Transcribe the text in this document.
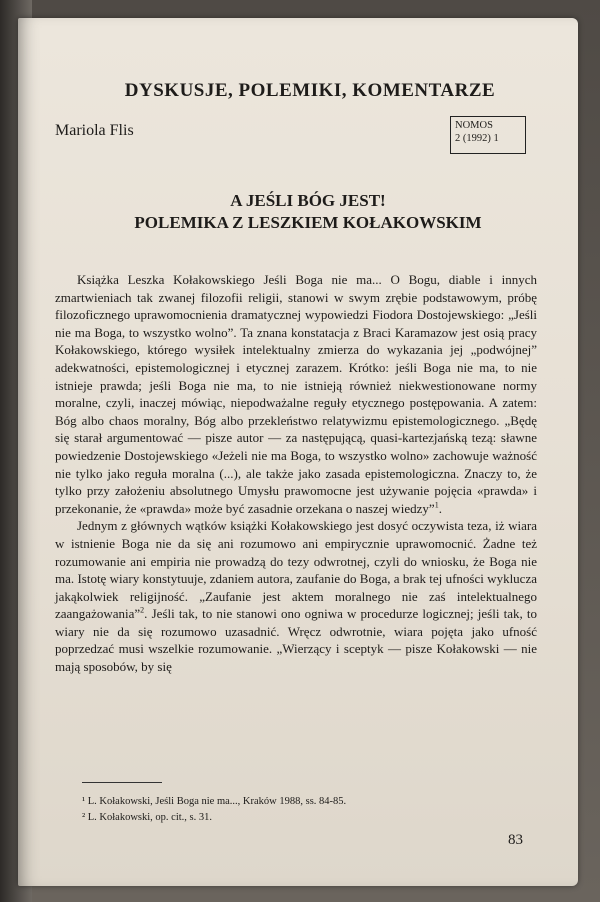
DYSKUSJE, POLEMIKI, KOMENTARZE

Mariola Flis	NOMOS
2 (1992) 1
A JEŚLI BÓG JEST!
POLEMIKA Z LESZKIEM KOŁAKOWSKIM

Książka Leszka Kołakowskiego Jeśli Boga nie ma... O Bogu, diable i innych zmartwieniach tak zwanej filozofii religii, stanowi w swym zrębie podstawowym, próbę filozoficznego uprawomocnienia dramatycznej wypowiedzi Fiodora Dostojewskiego: „Jeśli nie ma Boga, to wszystko wolno”. Ta znana konstatacja z Braci Karamazow jest osią pracy Kołakowskiego, którego wysiłek intelektualny zmierza do wykazania jej „podwójnej” adekwatności, epistemologicznej i etycznej zarazem. Krótko: jeśli Boga nie ma, to nie istnieje prawda; jeśli Boga nie ma, to nie istnieją również niekwestionowane normy moralne, czyli, inaczej mówiąc, niepodważalne reguły etycznego postępowania. A zatem: Bóg albo chaos moralny, Bóg albo przekleństwo relatywizmu epistemologicznego. „Będę się starał argumentować — pisze autor — za następującą, quasi-kartezjańską tezą: sławne powiedzenie Dostojewskiego «Jeżeli nie ma Boga, to wszystko wolno» zachowuje ważność nie tylko jako reguła moralna (...), ale także jako zasada epistemologiczna. Znaczy to, że tylko przy założeniu absolutnego Umysłu prawomocne jest używanie pojęcia «prawda» i przekonanie, że «prawda» może być zasadnie orzekana o naszej wiedzy”$^1$.

Jednym z głównych wątków książki Kołakowskiego jest dosyć oczywista teza, iż wiara w istnienie Boga nie da się ani rozumowo ani empirycznie uprawomocnić. Żadne też rozumowanie ani empiria nie prowadzą do tezy odwrotnej, czyli do wniosku, że Boga nie ma. Istotę wiary konstytuuje, zdaniem autora, zaufanie do Boga, a brak tej ufności wyklucza jakąkolwiek religijność. „Zaufanie jest aktem moralnego nie zaś intelektualnego zaangażowania”$^2$. Jeśli tak, to nie stanowi ono ogniwa w procedurze logicznej; jeśli tak, to wiary nie da się rozumowo uzasadnić. Wręcz odwrotnie, wiara pojęta jako ufność poprzedzać musi wszelkie rozumowanie. „Wierzący i sceptyk — pisze Kołakowski — nie mają sposobów, by się

¹ L. Kołakowski, Jeśli Boga nie ma..., Kraków 1988, ss. 84-85.
² L. Kołakowski, op. cit., s. 31.
83
